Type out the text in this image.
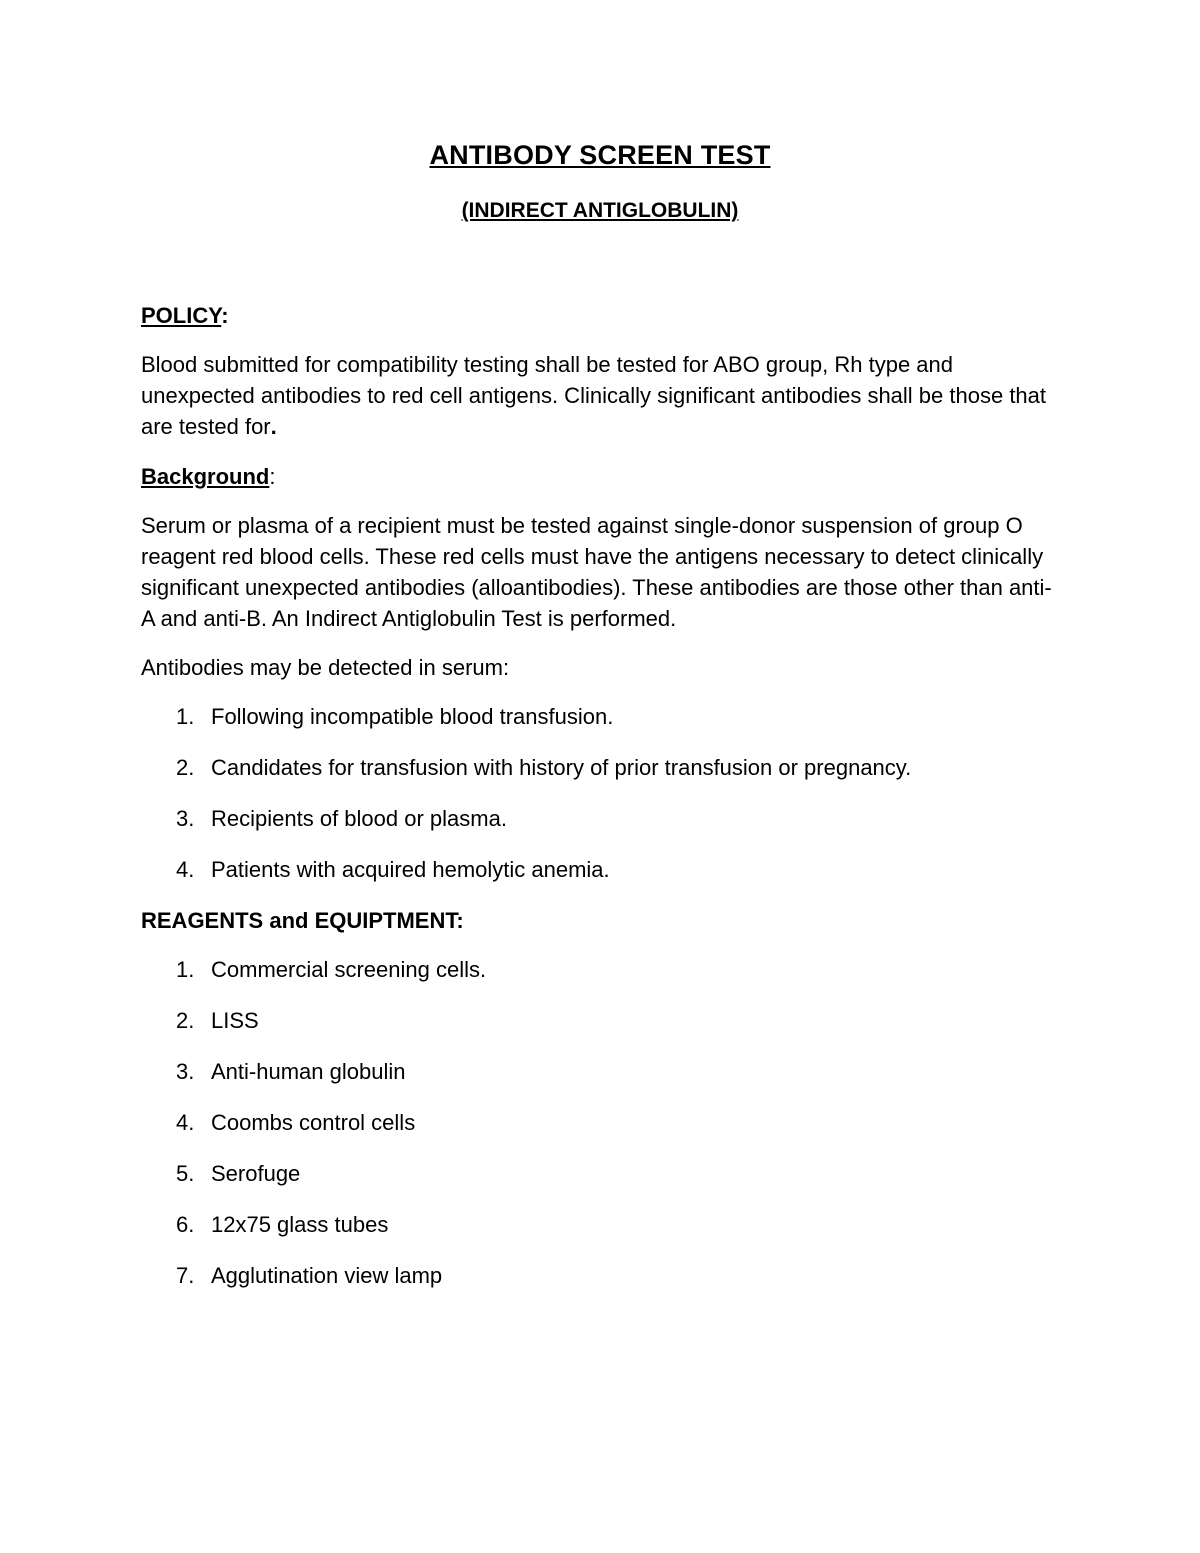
ANTIBODY SCREEN TEST
(INDIRECT ANTIGLOBULIN)

POLICY:

Blood submitted for compatibility testing shall be tested for ABO group, Rh type and unexpected antibodies to red cell antigens. Clinically significant antibodies shall be those that are tested for.

Background:

Serum or plasma of a recipient must be tested against single-donor suspension of group O reagent red blood cells. These red cells must have the antigens necessary to detect clinically significant unexpected antibodies (alloantibodies). These antibodies are those other than anti-A and anti-B. An Indirect Antiglobulin Test is performed.

Antibodies may be detected in serum:

1. Following incompatible blood transfusion.
2. Candidates for transfusion with history of prior transfusion or pregnancy.
3. Recipients of blood or plasma.
4. Patients with acquired hemolytic anemia.

REAGENTS and EQUIPTMENT:

1. Commercial screening cells.
2. LISS
3. Anti-human globulin
4. Coombs control cells
5. Serofuge
6. 12x75 glass tubes
7. Agglutination view lamp
